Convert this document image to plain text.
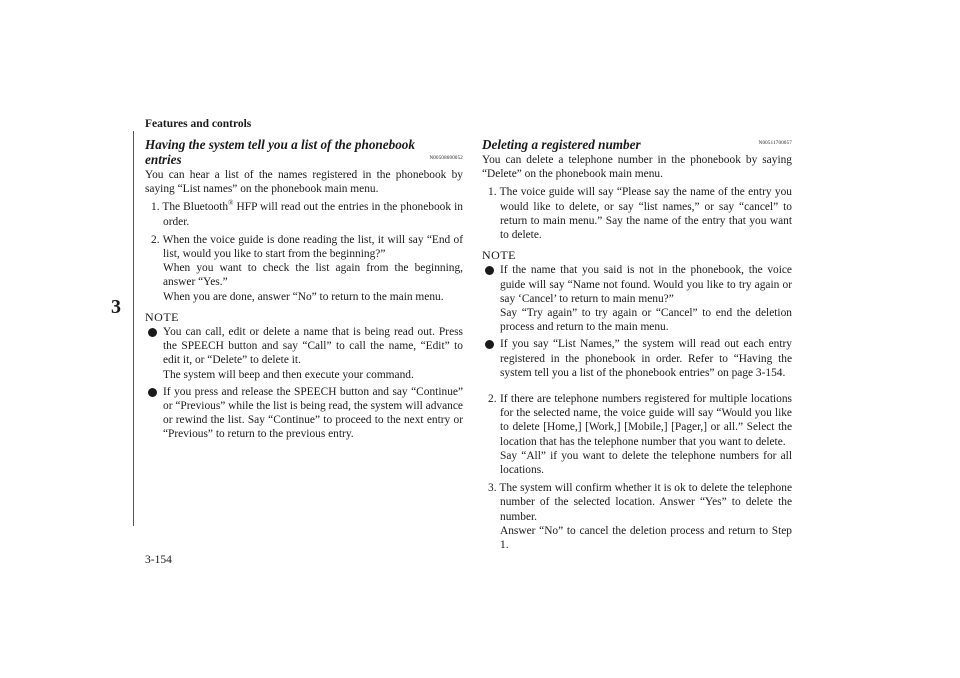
Features and controls
3
3-154
Having the system tell you a list of the phonebook entries	N00508600052

You can hear a list of the names registered in the phonebook by saying “List names” on the phonebook main menu.

1. The Bluetooth® HFP will read out the entries in the phonebook in order.
2. When the voice guide is done reading the list, it will say “End of list, would you like to start from the beginning?”
When you want to check the list again from the beginning, answer “Yes.”
When you are done, answer “No” to return to the main menu.
NOTE
You can call, edit or delete a name that is being read out. Press the SPEECH button and say “Call” to call the name, “Edit” to edit it, or “Delete” to delete it.
The system will beep and then execute your command.
If you press and release the SPEECH button and say “Continue” or “Previous” while the list is being read, the system will advance or rewind the list. Say “Continue” to proceed to the next entry or “Previous” to return to the previous entry.
Deleting a registered number	N00511700057

You can delete a telephone number in the phonebook by saying “Delete” on the phonebook main menu.

1. The voice guide will say “Please say the name of the entry you would like to delete, or say “list names,” or say “cancel” to return to main menu.” Say the name of the entry that you want to delete.
NOTE
If the name that you said is not in the phonebook, the voice guide will say “Name not found. Would you like to try again or say ‘Cancel’ to return to main menu?”
Say “Try again” to try again or “Cancel” to end the deletion process and return to the main menu.
If you say “List Names,” the system will read out each entry registered in the phonebook in order. Refer to “Having the system tell you a list of the phonebook entries” on page 3-154.
2. If there are telephone numbers registered for multiple locations for the selected name, the voice guide will say “Would you like to delete [Home,] [Work,] [Mobile,] [Pager,] or all.” Select the location that has the telephone number that you want to delete.
Say “All” if you want to delete the telephone numbers for all locations.
3. The system will confirm whether it is ok to delete the telephone number of the selected location. Answer “Yes” to delete the number.
Answer “No” to cancel the deletion process and return to Step 1.
